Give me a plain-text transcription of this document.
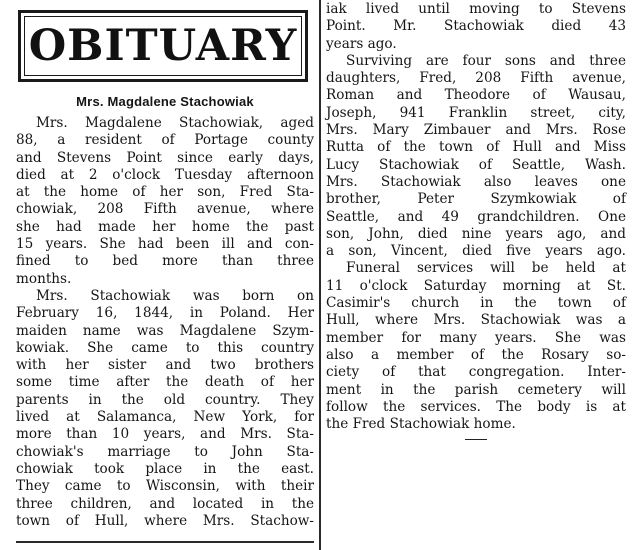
OBITUARY
Mrs. Magdalene Stachowiak
Mrs. Magdalene Stachowiak, aged
88, a resident of Portage county
and Stevens Point since early days,
died at 2 o'clock Tuesday afternoon
at the home of her son, Fred Sta-
chowiak, 208 Fifth avenue, where
she had made her home the past
15 years. She had been ill and con-
fined to bed more than three
months.
Mrs. Stachowiak was born on
February 16, 1844, in Poland. Her
maiden name was Magdalene Szym-
kowiak. She came to this country
with her sister and two brothers
some time after the death of her
parents in the old country. They
lived at Salamanca, New York, for
more than 10 years, and Mrs. Sta-
chowiak's marriage to John Sta-
chowiak took place in the east.
They came to Wisconsin, with their
three children, and located in the
town of Hull, where Mrs. Stachow-
iak lived until moving to Stevens
Point. Mr. Stachowiak died 43
years ago.
Surviving are four sons and three
daughters, Fred, 208 Fifth avenue,
Roman and Theodore of Wausau,
Joseph, 941 Franklin street, city,
Mrs. Mary Zimbauer and Mrs. Rose
Rutta of the town of Hull and Miss
Lucy Stachowiak of Seattle, Wash.
Mrs. Stachowiak also leaves one
brother, Peter Szymkowiak of
Seattle, and 49 grandchildren. One
son, John, died nine years ago, and
a son, Vincent, died five years ago.
Funeral services will be held at
11 o'clock Saturday morning at St.
Casimir's church in the town of
Hull, where Mrs. Stachowiak was a
member for many years. She was
also a member of the Rosary so-
ciety of that congregation. Inter-
ment in the parish cemetery will
follow the services. The body is at
the Fred Stachowiak home.
